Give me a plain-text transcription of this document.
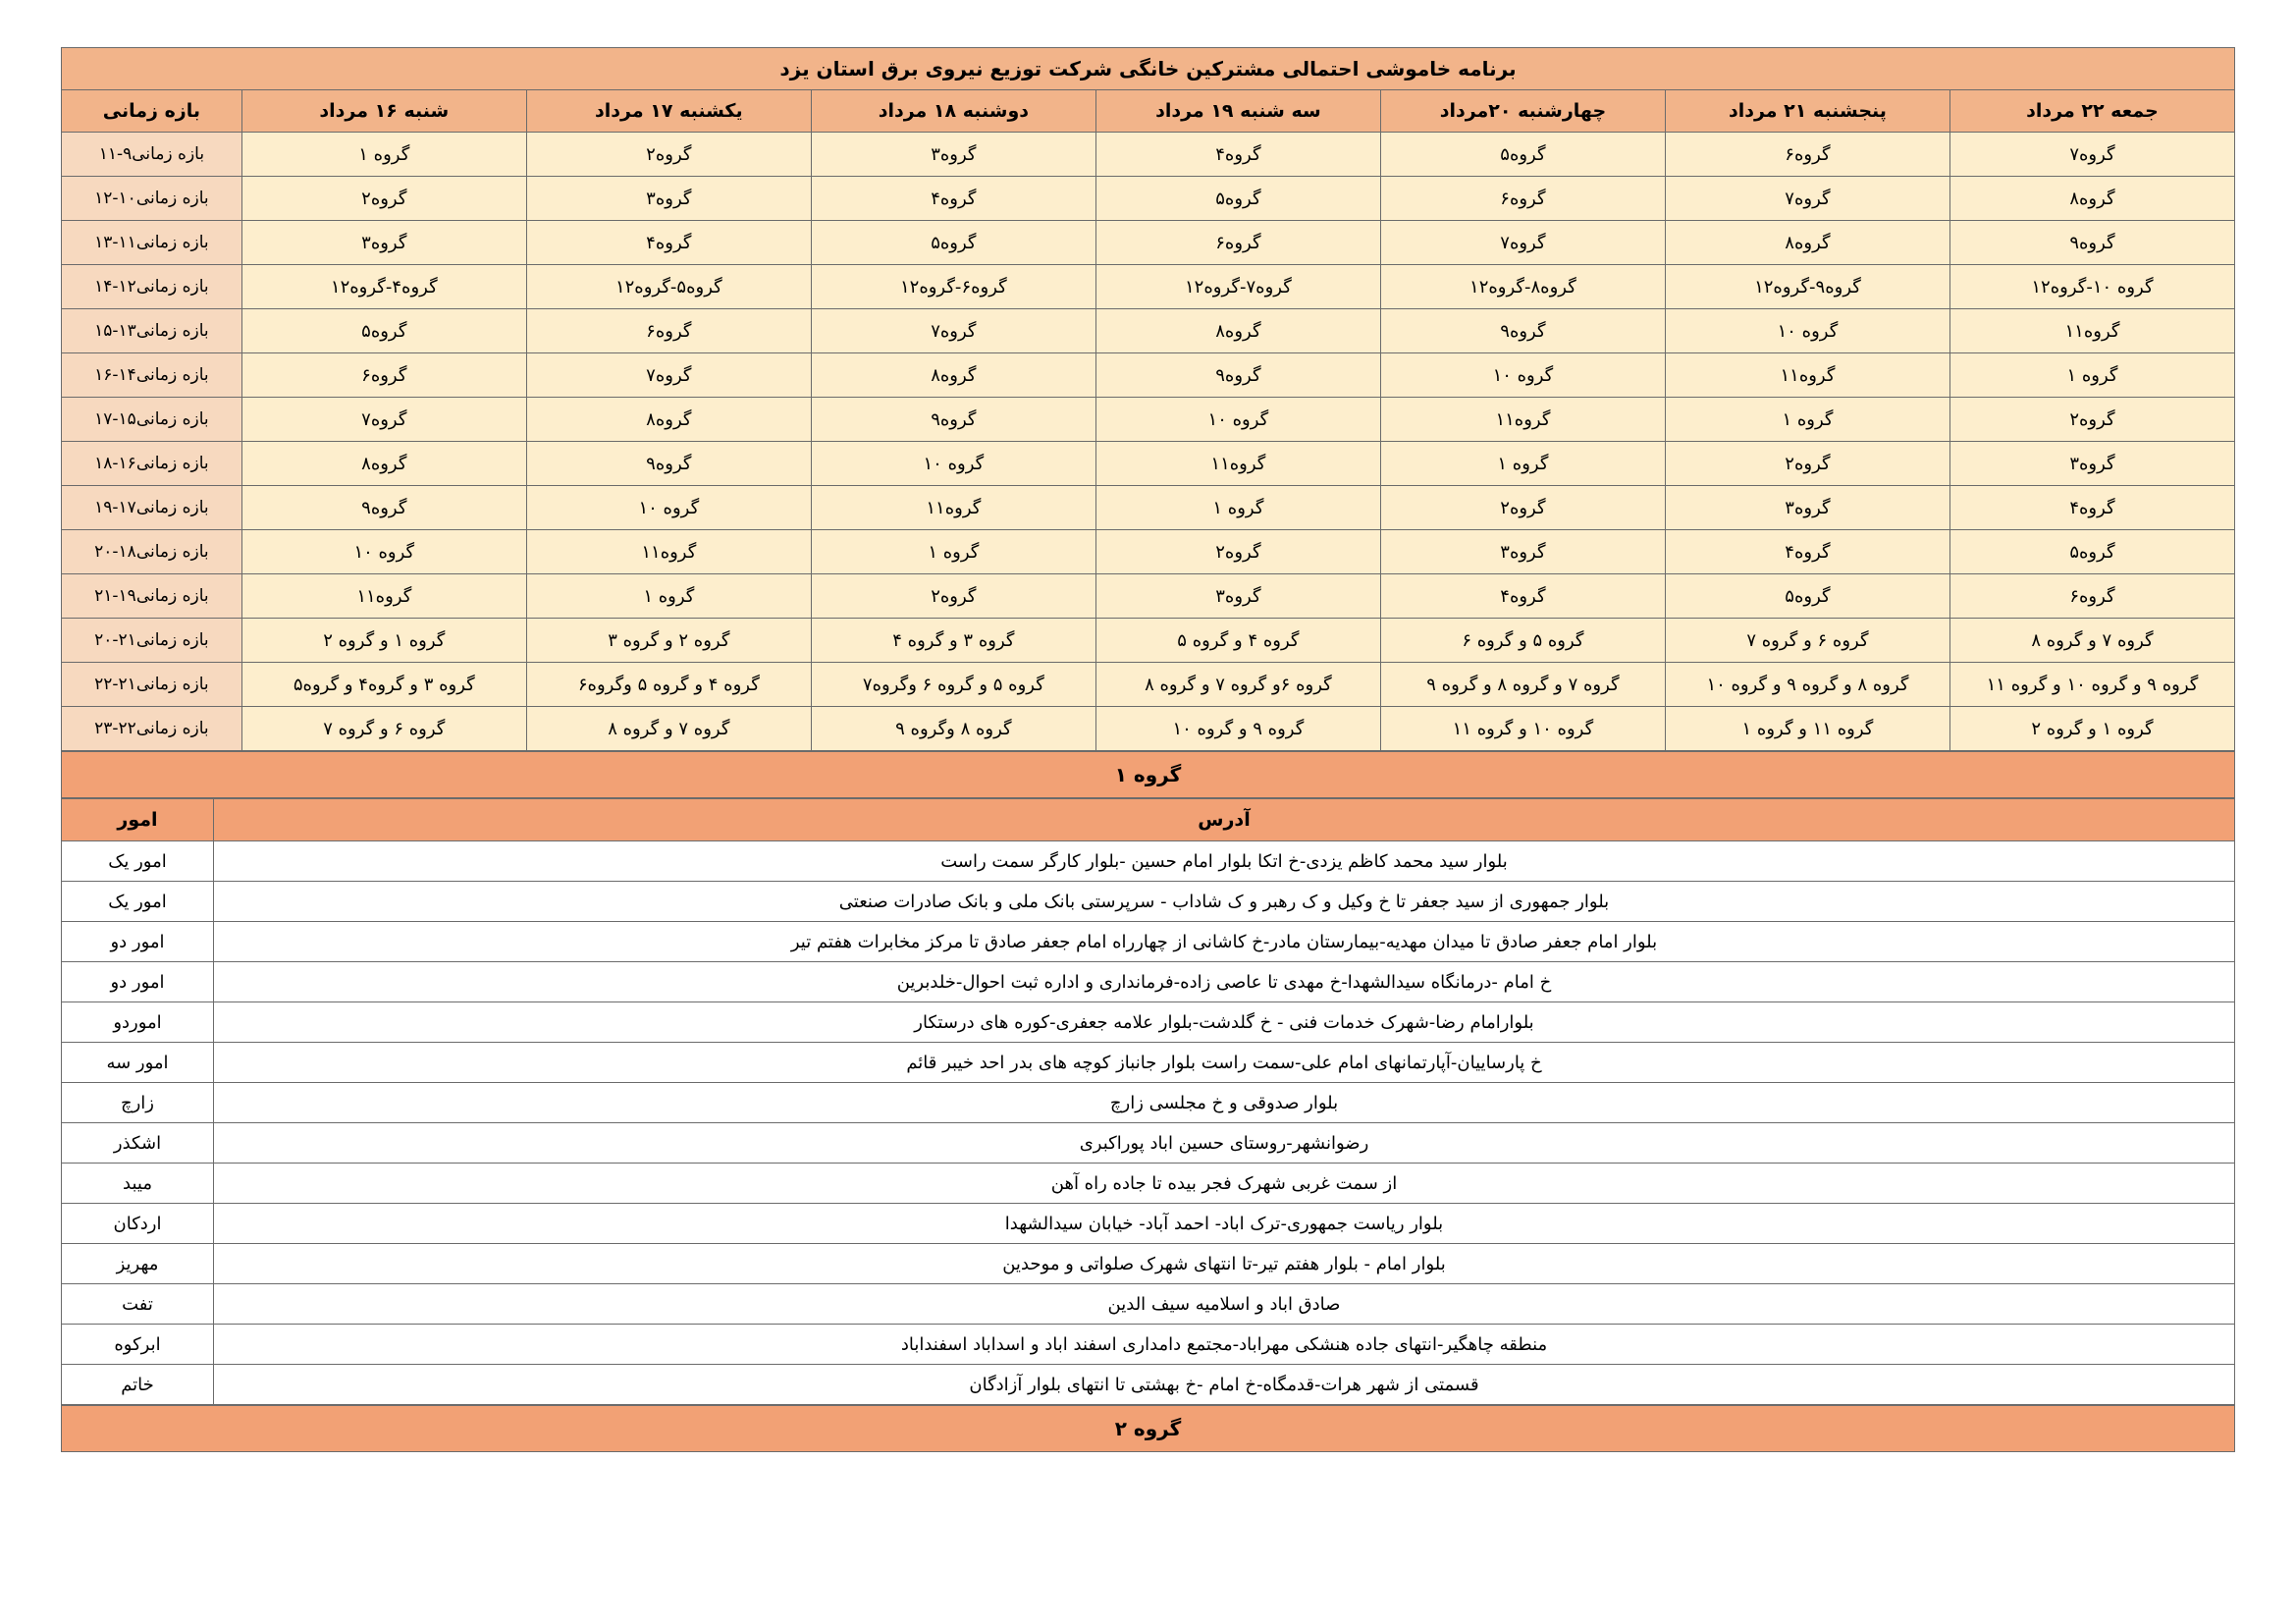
برنامه خاموشی احتمالی مشترکین خانگی شرکت توزیع نیروی برق استان یزد							
جمعه ۲۲ مرداد	پنجشنبه ۲۱ مرداد	چهارشنبه ۲۰مرداد	سه شنبه ۱۹ مرداد	دوشنبه ۱۸ مرداد	یکشنبه ۱۷ مرداد	شنبه ۱۶ مرداد	بازه زمانی
گروه۷	گروه۶	گروه۵	گروه۴	گروه۳	گروه۲	گروه ۱	بازه زمانی۹-۱۱
گروه۸	گروه۷	گروه۶	گروه۵	گروه۴	گروه۳	گروه۲	بازه زمانی۱۰-۱۲
گروه۹	گروه۸	گروه۷	گروه۶	گروه۵	گروه۴	گروه۳	بازه زمانی۱۱-۱۳
گروه ۱۰-گروه۱۲	گروه۹-گروه۱۲	گروه۸-گروه۱۲	گروه۷-گروه۱۲	گروه۶-گروه۱۲	گروه۵-گروه۱۲	گروه۴-گروه۱۲	بازه زمانی۱۲-۱۴
گروه۱۱	گروه ۱۰	گروه۹	گروه۸	گروه۷	گروه۶	گروه۵	بازه زمانی۱۳-۱۵
گروه ۱	گروه۱۱	گروه ۱۰	گروه۹	گروه۸	گروه۷	گروه۶	بازه زمانی۱۴-۱۶
گروه۲	گروه ۱	گروه۱۱	گروه ۱۰	گروه۹	گروه۸	گروه۷	بازه زمانی۱۵-۱۷
گروه۳	گروه۲	گروه ۱	گروه۱۱	گروه ۱۰	گروه۹	گروه۸	بازه زمانی۱۶-۱۸
گروه۴	گروه۳	گروه۲	گروه ۱	گروه۱۱	گروه ۱۰	گروه۹	بازه زمانی۱۷-۱۹
گروه۵	گروه۴	گروه۳	گروه۲	گروه ۱	گروه۱۱	گروه ۱۰	بازه زمانی۱۸-۲۰
گروه۶	گروه۵	گروه۴	گروه۳	گروه۲	گروه ۱	گروه۱۱	بازه زمانی۱۹-۲۱
گروه ۷ و گروه ۸	گروه ۶ و گروه ۷	گروه ۵ و گروه ۶	گروه ۴ و گروه ۵	گروه ۳ و گروه ۴	گروه ۲ و گروه ۳	گروه ۱ و گروه ۲	بازه زمانی۲۱-۲۰
گروه ۹ و گروه ۱۰ و گروه ۱۱	گروه ۸ و گروه ۹ و گروه ۱۰	گروه ۷ و گروه ۸ و گروه ۹	گروه ۶و گروه ۷ و گروه ۸	گروه ۵ و گروه ۶ وگروه۷	گروه ۴ و گروه ۵ وگروه۶	گروه ۳ و گروه۴ و گروه۵	بازه زمانی۲۱-۲۲
گروه ۱ و گروه ۲	گروه ۱۱ و گروه ۱	گروه ۱۰ و گروه ۱۱	گروه ۹ و گروه ۱۰	گروه ۸ وگروه ۹	گروه ۷ و گروه ۸	گروه ۶ و گروه ۷	بازه زمانی۲۲-۲۳
گروه ۱
آدرس	امور
بلوار سید محمد کاظم یزدی-خ اتکا بلوار امام حسین -بلوار کارگر سمت راست	امور یک
بلوار جمهوری از سید جعفر تا خ وکیل و ک رهبر و ک شاداب - سرپرستی بانک ملی و بانک صادرات صنعتی	امور یک
بلوار امام جعفر صادق تا میدان مهدیه-بیمارستان مادر-خ کاشانی از چهارراه امام جعفر صادق تا مرکز مخابرات هفتم تیر	امور دو
خ امام -درمانگاه سیدالشهدا-خ مهدی تا عاصی زاده-فرمانداری و اداره ثبت احوال-خلدبرین	امور دو
بلوارامام رضا-شهرک خدمات فنی - خ گلدشت-بلوار علامه جعفری-کوره های درستکار	اموردو
خ پارساییان-آپارتمانهای امام علی-سمت راست بلوار جانباز کوچه های بدر احد خیبر قائم	امور سه
بلوار صدوقی و خ مجلسی زارچ	زارچ
رضوانشهر-روستای حسین اباد پوراکبری	اشکذر
از سمت غربی شهرک فجر بیده تا جاده راه آهن	میبد
بلوار ریاست جمهوری-ترک اباد- احمد آباد- خیابان سیدالشهدا	اردکان
بلوار امام - بلوار هفتم تیر-تا انتهای شهرک صلواتی و موحدین	مهریز
صادق اباد و اسلامیه سیف الدین	تفت
منطقه چاهگیر-انتهای جاده هنشکی مهراباد-مجتمع دامداری اسفند اباد و اسداباد اسفنداباد	ابرکوه
قسمتی از شهر هرات-قدمگاه-خ امام -خ بهشتی تا انتهای بلوار آزادگان	خاتم
گروه ۲
